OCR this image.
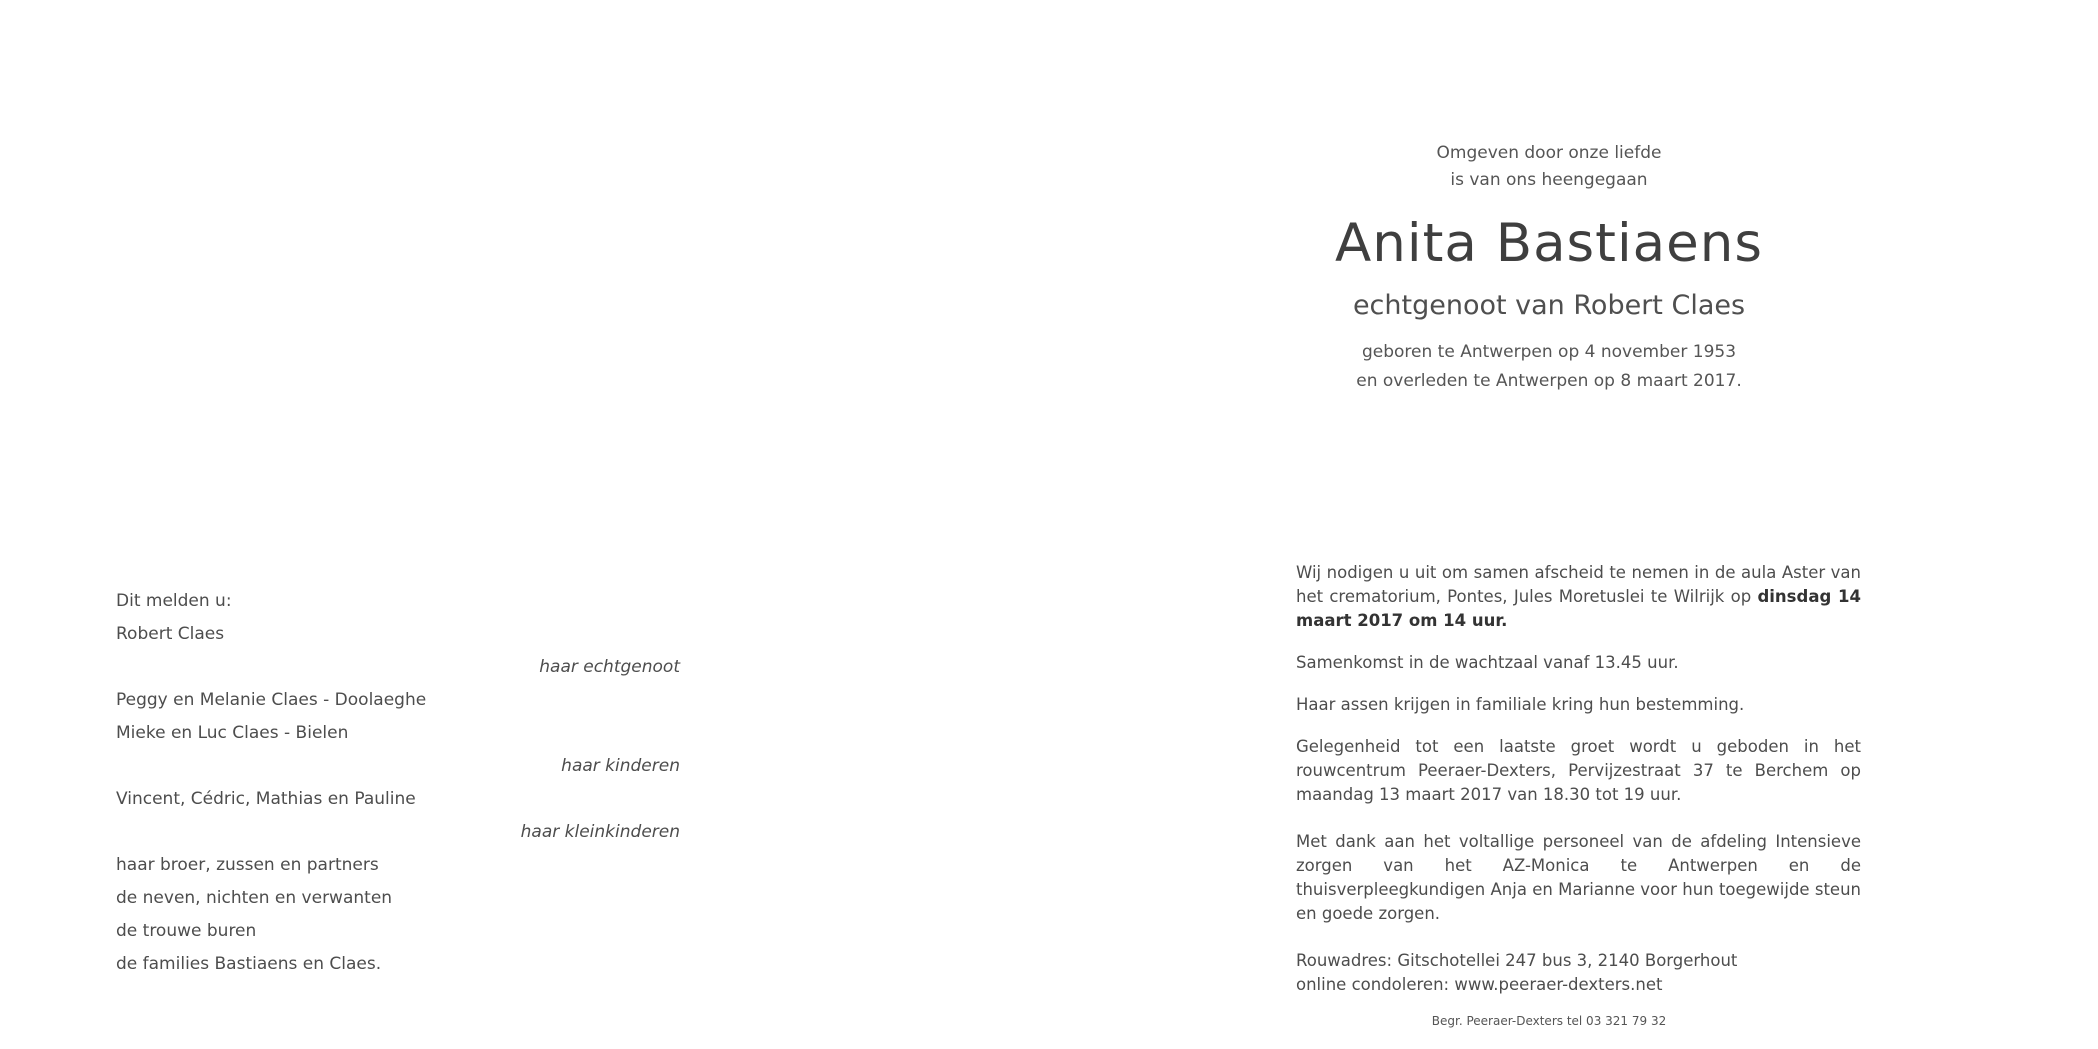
Dit melden u:
Robert Claes
haar echtgenoot
Peggy en Melanie Claes - Doolaeghe
Mieke en Luc Claes - Bielen
haar kinderen
Vincent, Cédric, Mathias en Pauline
haar kleinkinderen
haar broer, zussen en partners
de neven, nichten en verwanten
de trouwe buren
de families Bastiaens en Claes.
Omgeven door onze liefde
is van ons heengegaan
Anita Bastiaens
echtgenoot van Robert Claes
geboren te Antwerpen op 4 november 1953
en overleden te Antwerpen op 8 maart 2017.

Wij nodigen u uit om samen afscheid te nemen in de aula Aster van het crematorium, Pontes, Jules Moretuslei te Wilrijk op dinsdag 14 maart 2017 om 14 uur.

Samenkomst in de wachtzaal vanaf 13.45 uur.

Haar assen krijgen in familiale kring hun bestemming.

Gelegenheid tot een laatste groet wordt u geboden in het rouwcentrum Peeraer-Dexters, Pervijzestraat 37 te Berchem op maandag 13 maart 2017 van 18.30 tot 19 uur.

Met dank aan het voltallige personeel van de afdeling Intensieve zorgen van het AZ-Monica te Antwerpen en de thuisverpleegkundigen Anja en Marianne voor hun toegewijde steun en goede zorgen.

Rouwadres: Gitschotellei 247 bus 3, 2140 Borgerhout

online condoleren: www.peeraer-dexters.net

Begr. Peeraer-Dexters tel 03 321 79 32
